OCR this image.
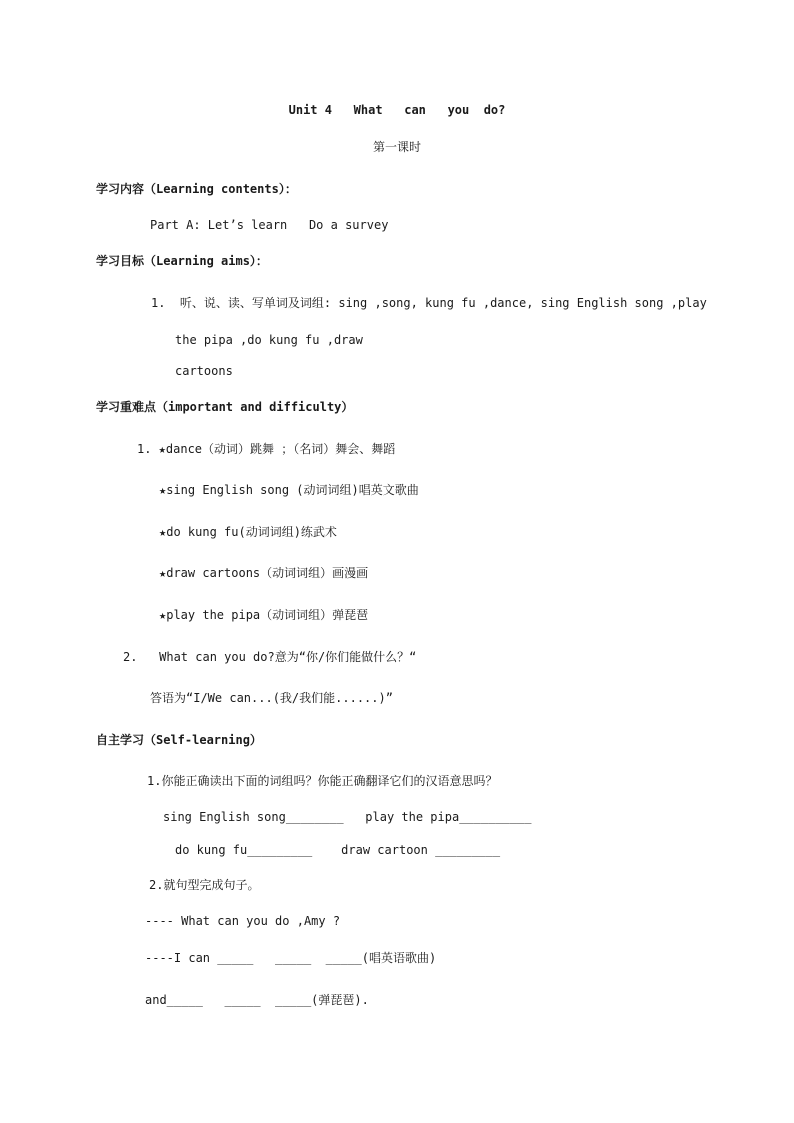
Unit 4   What   can   you  do?
第一课时
学习内容（Learning contents）：
Part A: Let’s learn   Do a survey
学习目标（Learning aims）：
1.  听、说、读、写单词及词组: sing ,song, kung fu ,dance, sing English song ,play
the pipa ,do kung fu ,draw
cartoons
学习重难点（important and difficulty）
1. ★dance（动词）跳舞 ；（名词）舞会、舞蹈
★sing English song (动词词组)唱英文歌曲
★do kung fu(动词词组)练武术
★draw cartoons（动词词组）画漫画
★play the pipa（动词词组）弹琵琶
2.   What can you do?意为“你/你们能做什么？“
答语为“I/We can...(我/我们能......)”
自主学习（Self-learning）
1.你能正确读出下面的词组吗？你能正确翻译它们的汉语意思吗？
sing English song________   play the pipa__________
do kung fu_________    draw cartoon _________
2.就句型完成句子。
---- What can you do ,Amy ?
----I can _____   _____  _____(唱英语歌曲)
and_____   _____  _____(弹琵琶).
